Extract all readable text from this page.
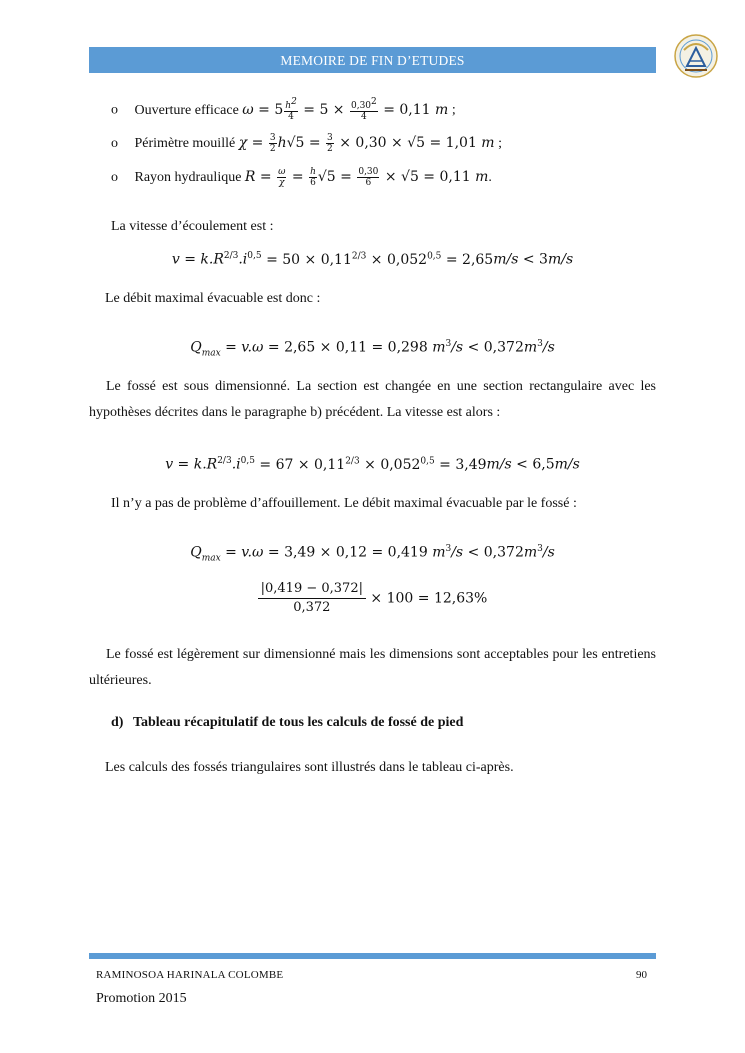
MEMOIRE DE FIN D’ETUDES
o Ouverture efficace $\omega = 5 \frac{h^2}{4} = 5 \times \frac{0,30^2}{4} = 0,11$ m ;
o Périmètre mouillé $\chi = \frac{3}{2} h√5 = \frac{3}{2} \times 0,30 \times √5 = 1,01$ m ;
o Rayon hydraulique $R = \frac{\omega}{\chi} = \frac{h}{6} √5 = \frac{0,30}{6} \times √5 = 0,11$ m.
La vitesse d’écoulement est :
$v = k.R^{2/3}.i^{0,5} = 50 \times 0,11^{2/3} \times 0,052^{0,5} = 2,65m/s < 3m/s$
Le débit maximal évacuable est donc :
$Q_{max} = v.\omega = 2,65 \times 0,11 = 0,298$ $m^3/s < 0,372m^3/s$
Le fossé est sous dimensionné. La section est changée en une section rectangulaire avec les hypothèses décrites dans le paragraphe b) précédent. La vitesse est alors :
$v = k.R^{2/3}.i^{0,5} = 67 \times 0,11^{2/3} \times 0,052^{0,5} = 3,49m/s < 6,5m/s$
Il n’y a pas de problème d’affouillement. Le débit maximal évacuable par le fossé :
$Q_{max} = v.\omega = 3,49 \times 0,12 = 0,419$ $m^3/s < 0,372m^3/s$
$\frac{|0,419 - 0,372|}{0,372} \times 100 = 12,63\%$
Le fossé est légèrement sur dimensionné mais les dimensions sont acceptables pour les entretiens ultérieures.
d) Tableau récapitulatif de tous les calculs de fossé de pied
Les calculs des fossés triangulaires sont illustrés dans le tableau ci-après.
RAMINOSOA HARINALA COLOMBE	90
Promotion 2015
